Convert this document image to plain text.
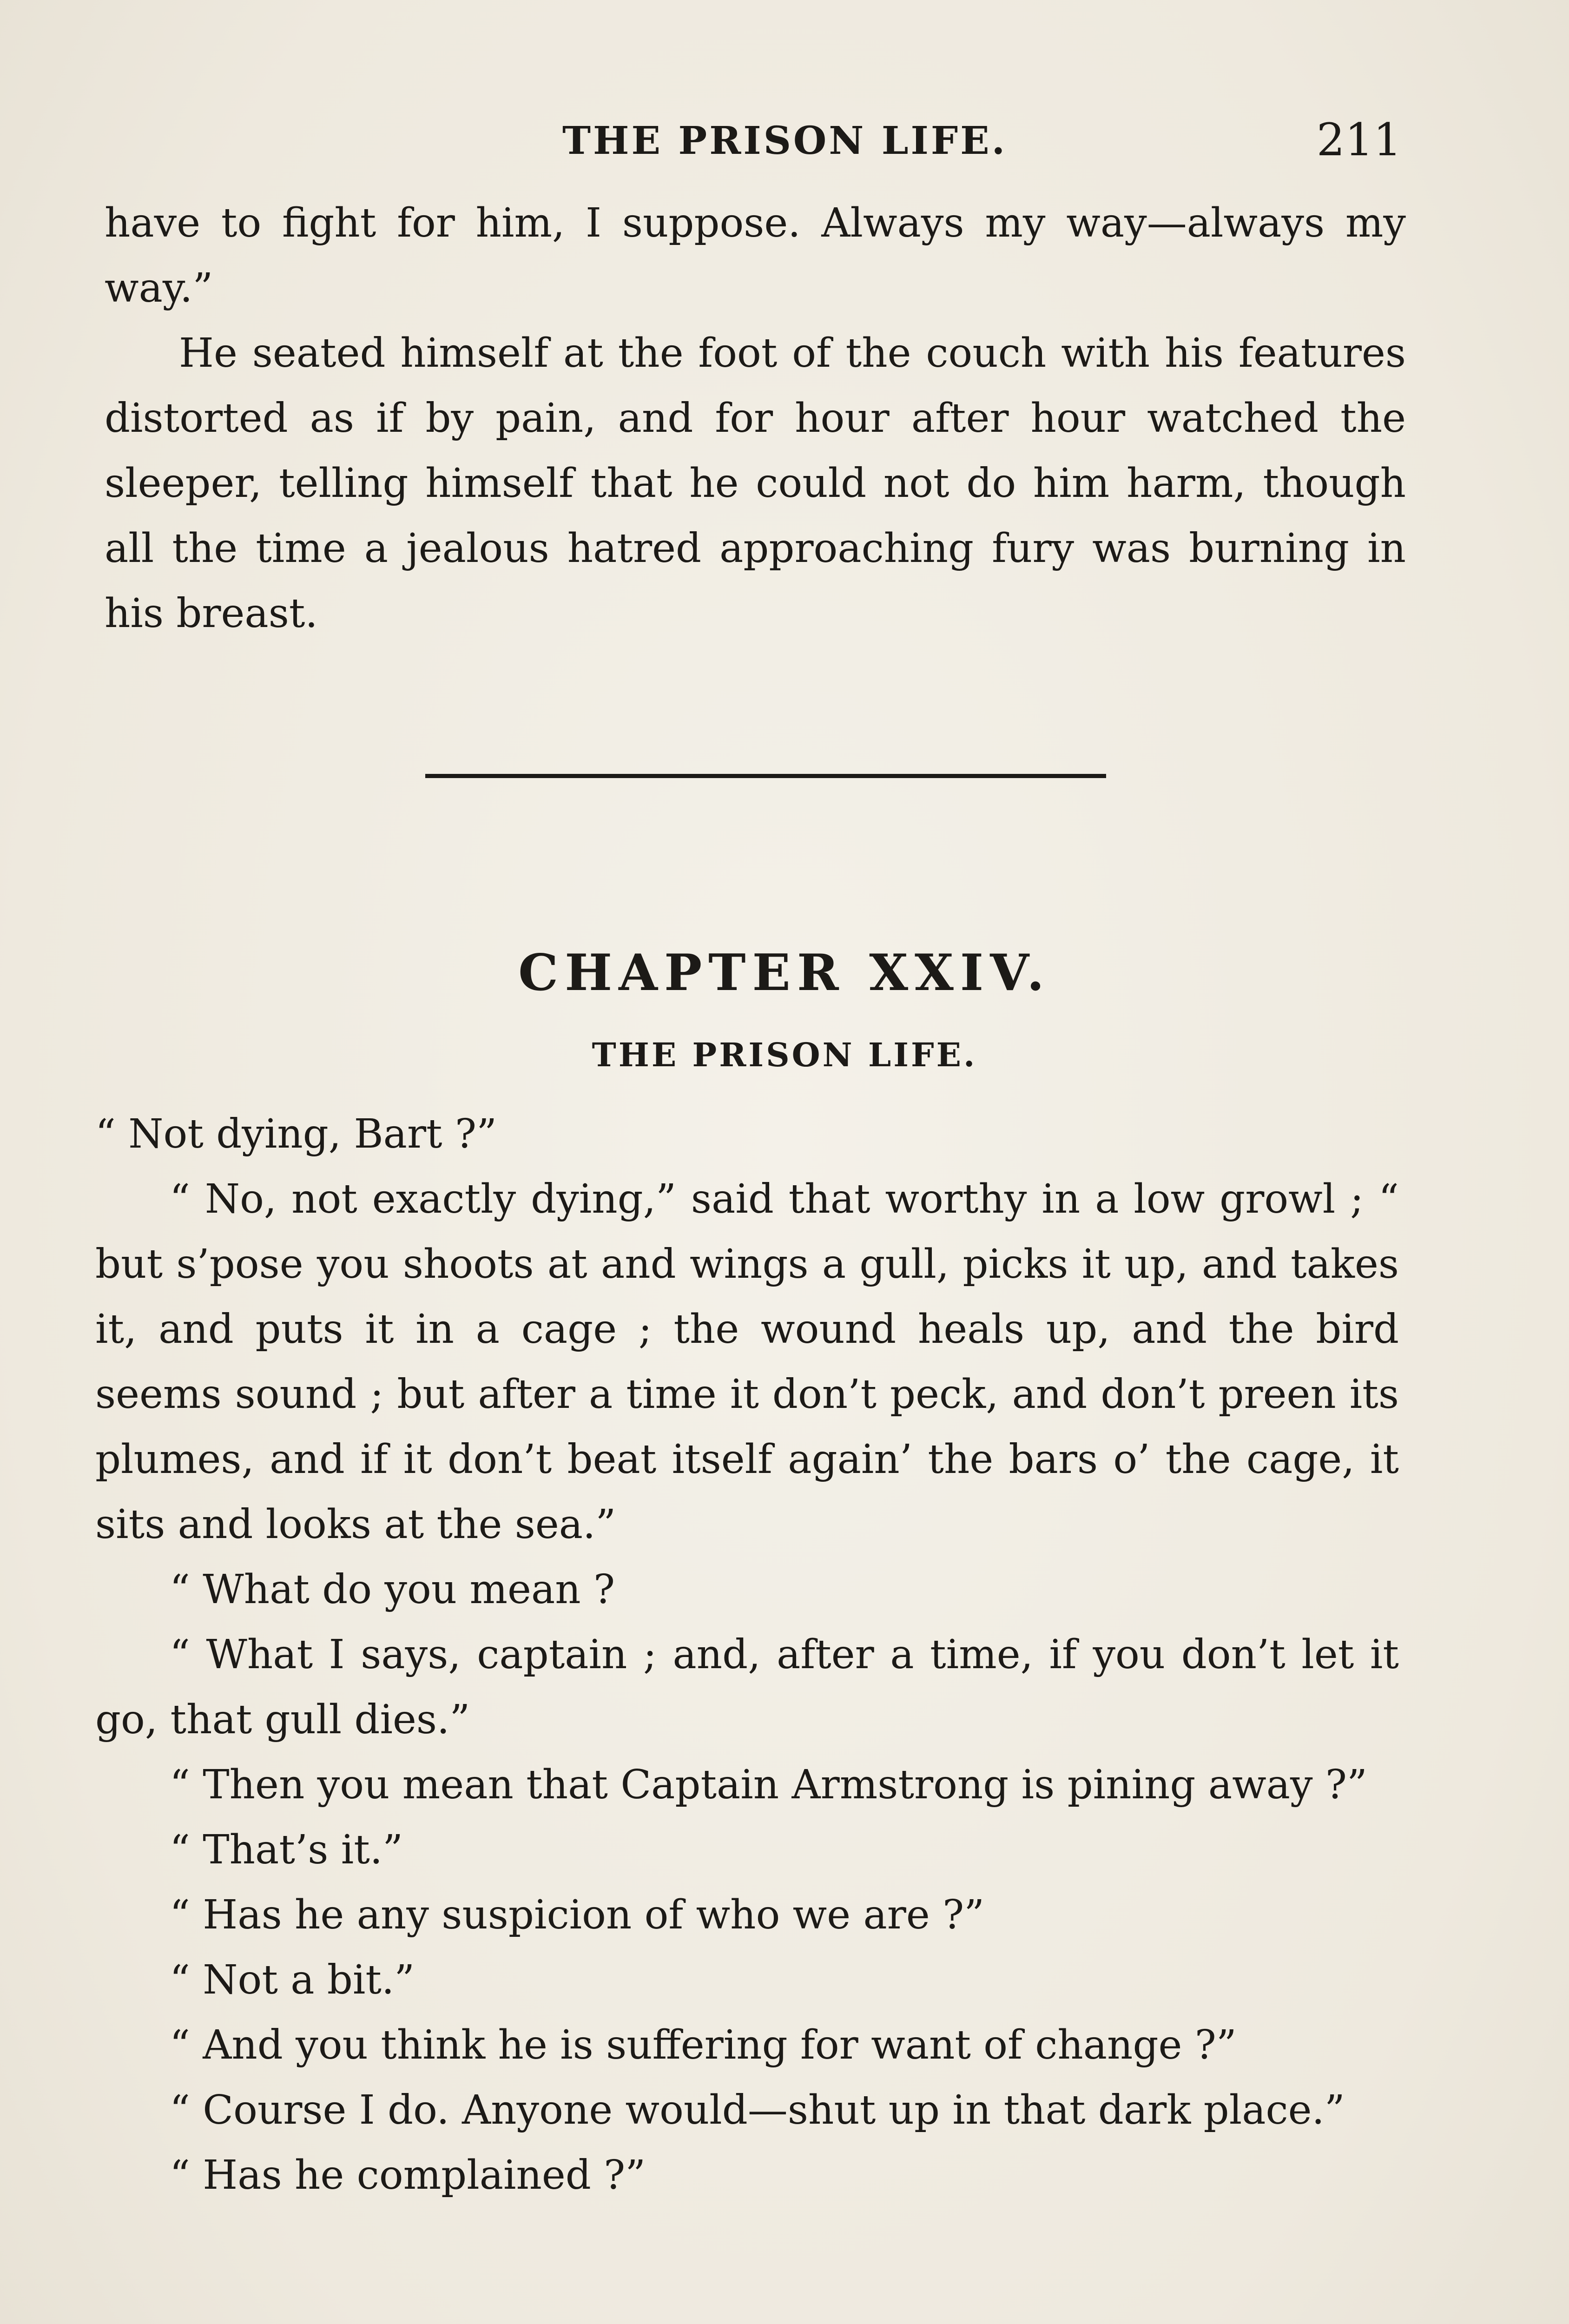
THE PRISON LIFE.	211

have to fight for him, I suppose. Always my way—always my way.”

He seated himself at the foot of the couch with his features distorted as if by pain, and for hour after hour watched the sleeper, telling himself that he could not do him harm, though all the time a jealous hatred approaching fury was burning in his breast.

CHAPTER XXIV.
THE PRISON LIFE.

“ Not dying, Bart ?”

“ No, not exactly dying,” said that worthy in a low growl ; “ but s’pose you shoots at and wings a gull, picks it up, and takes it, and puts it in a cage ; the wound heals up, and the bird seems sound ; but after a time it don’t peck, and don’t preen its plumes, and if it don’t beat itself again’ the bars o’ the cage, it sits and looks at the sea.”

“ What do you mean ?

“ What I says, captain ; and, after a time, if you don’t let it go, that gull dies.”

“ Then you mean that Captain Armstrong is pining away ?”

“ That’s it.”

“ Has he any suspicion of who we are ?”

“ Not a bit.”

“ And you think he is suffering for want of change ?”

“ Course I do. Anyone would—shut up in that dark place.”

“ Has he complained ?”
